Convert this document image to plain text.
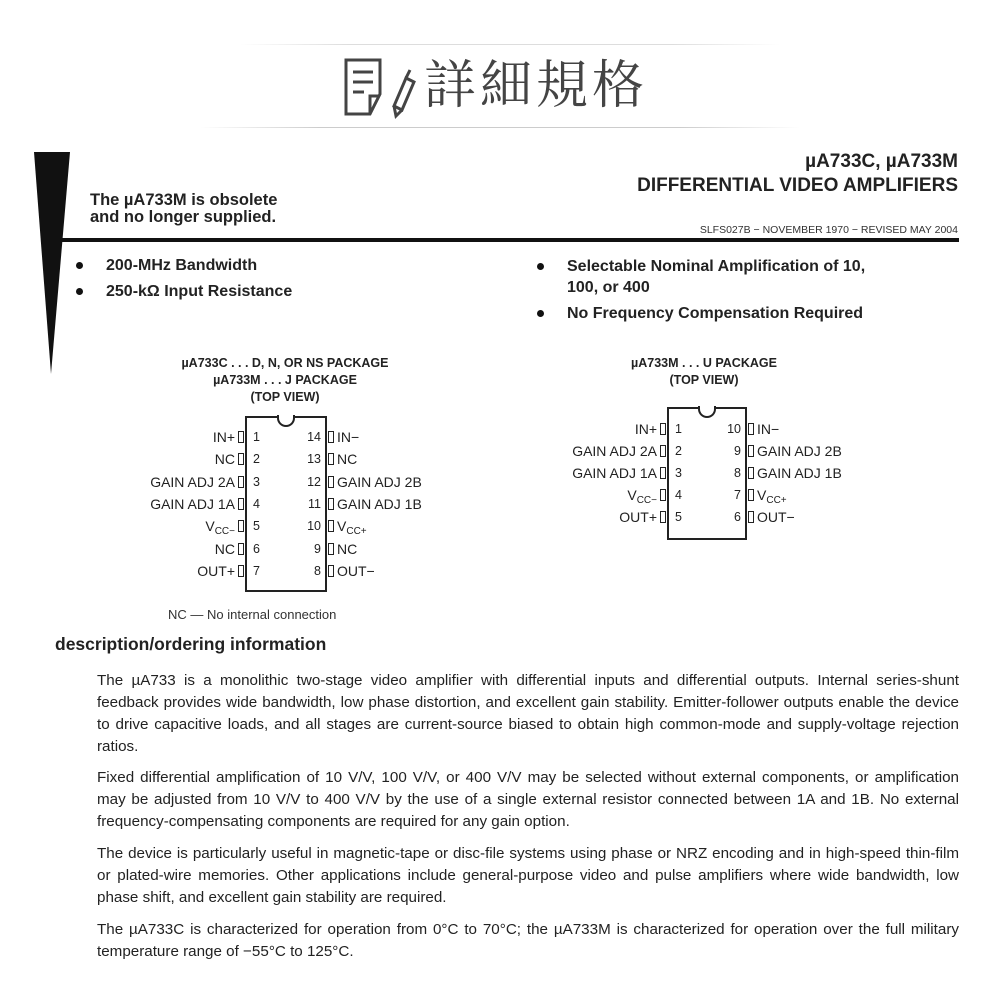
詳細規格
The µA733M is obsolete
and no longer supplied.
µA733C, µA733M
DIFFERENTIAL VIDEO AMPLIFIERS
SLFS027B − NOVEMBER 1970 − REVISED MAY 2004
200-MHz Bandwidth
250-kΩ Input Resistance
Selectable Nominal Amplification of 10,
100, or 400
No Frequency Compensation Required
µA733C . . . D, N, OR NS PACKAGE
µA733M . . . J PACKAGE
(TOP VIEW)
1
IN+
2
NC
3
GAIN ADJ 2A
4
GAIN ADJ 1A
5
$V_{CC-}$
6
NC
7
OUT+
14 IN−
13 NC
12 GAIN ADJ 2B
11 GAIN ADJ 1B
10 $V_{CC+}$
9 NC
8 OUT−
µA733M . . . U PACKAGE
(TOP VIEW)
1
IN+
2
GAIN ADJ 2A
3
GAIN ADJ 1A
4
$V_{CC-}$
5
OUT+
10 IN−
9 GAIN ADJ 2B
8 GAIN ADJ 1B
7 $V_{CC+}$
6 OUT−
NC — No internal connection
description/ordering information
The µA733 is a monolithic two-stage video amplifier with differential inputs and differential outputs. Internal series-shunt feedback provides wide bandwidth, low phase distortion, and excellent gain stability. Emitter-follower outputs enable the device to drive capacitive loads, and all stages are current-source biased to obtain high common-mode and supply-voltage rejection ratios.
Fixed differential amplification of 10 V/V, 100 V/V, or 400 V/V may be selected without external components, or amplification may be adjusted from 10 V/V to 400 V/V by the use of a single external resistor connected between 1A and 1B. No external frequency-compensating components are required for any gain option.
The device is particularly useful in magnetic-tape or disc-file systems using phase or NRZ encoding and in high-speed thin-film or plated-wire memories. Other applications include general-purpose video and pulse amplifiers where wide bandwidth, low phase shift, and excellent gain stability are required.
The µA733C is characterized for operation from 0°C to 70°C; the µA733M is characterized for operation over the full military temperature range of −55°C to 125°C.
